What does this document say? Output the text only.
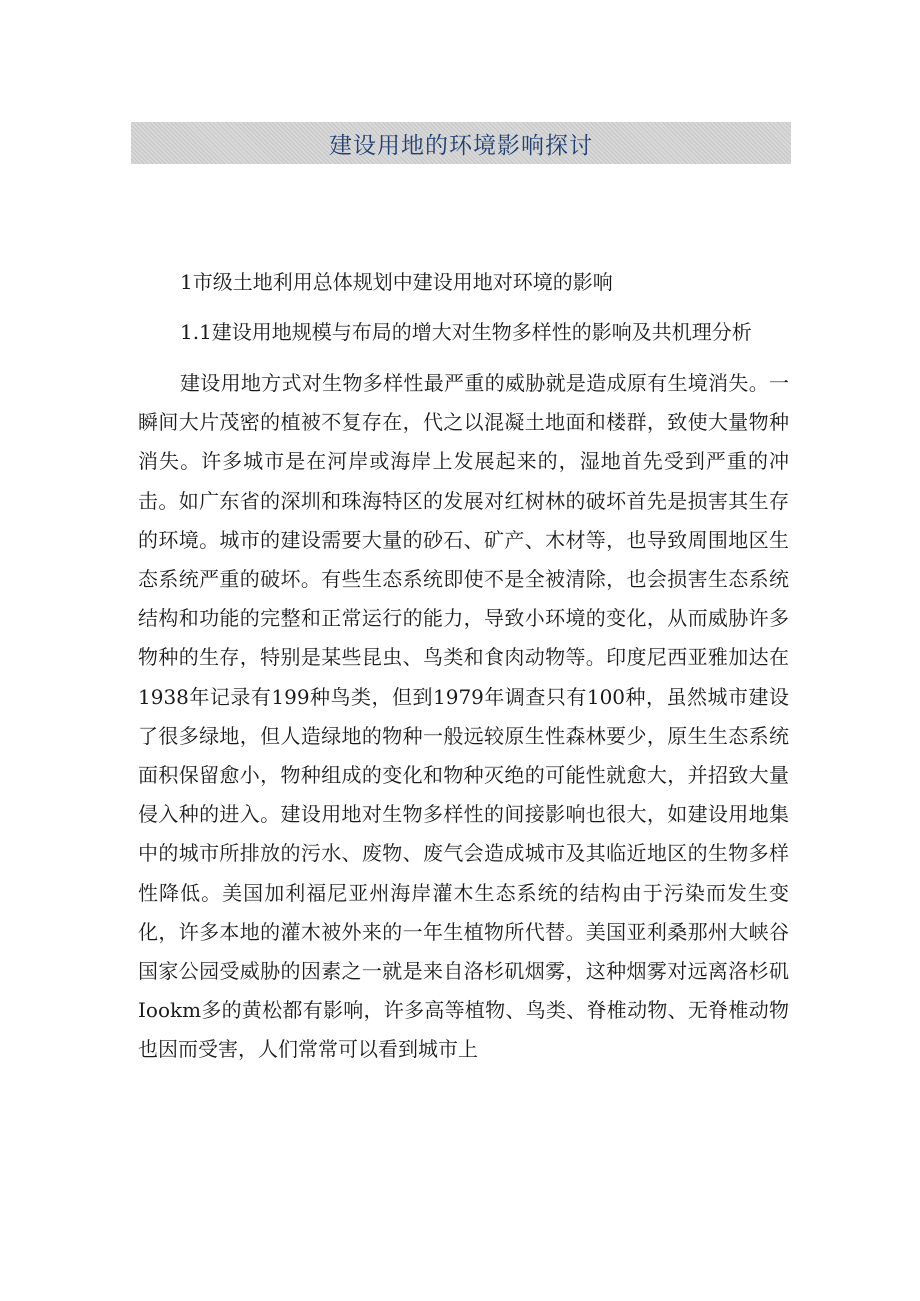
建设用地的环境影响探讨
1市级土地利用总体规划中建设用地对环境的影响
1.1建设用地规模与布局的增大对生物多样性的影响及共机理分析

建设用地方式对生物多样性最严重的威胁就是造成原有生境消失。一瞬间大片茂密的植被不复存在，代之以混凝土地面和楼群，致使大量物种消失。许多城市是在河岸或海岸上发展起来的，湿地首先受到严重的冲击。如广东省的深圳和珠海特区的发展对红树林的破坏首先是损害其生存的环境。城市的建设需要大量的砂石、矿产、木材等，也导致周围地区生态系统严重的破坏。有些生态系统即使不是全被清除，也会损害生态系统结构和功能的完整和正常运行的能力，导致小环境的变化，从而威胁许多物种的生存，特别是某些昆虫、鸟类和食肉动物等。印度尼西亚雅加达在1938年记录有199种鸟类，但到1979年调查只有100种，虽然城市建设了很多绿地，但人造绿地的物种一般远较原生性森林要少，原生生态系统面积保留愈小，物种组成的变化和物种灭绝的可能性就愈大，并招致大量侵入种的进入。建设用地对生物多样性的间接影响也很大，如建设用地集中的城市所排放的污水、废物、废气会造成城市及其临近地区的生物多样性降低。美国加利福尼亚州海岸灌木生态系统的结构由于污染而发生变化，许多本地的灌木被外来的一年生植物所代替。美国亚利桑那州大峡谷国家公园受威胁的因素之一就是来自洛杉矶烟雾，这种烟雾对远离洛杉矶Iookm多的黄松都有影响，许多高等植物、鸟类、脊椎动物、无脊椎动物也因而受害，人们常常可以看到城市上
